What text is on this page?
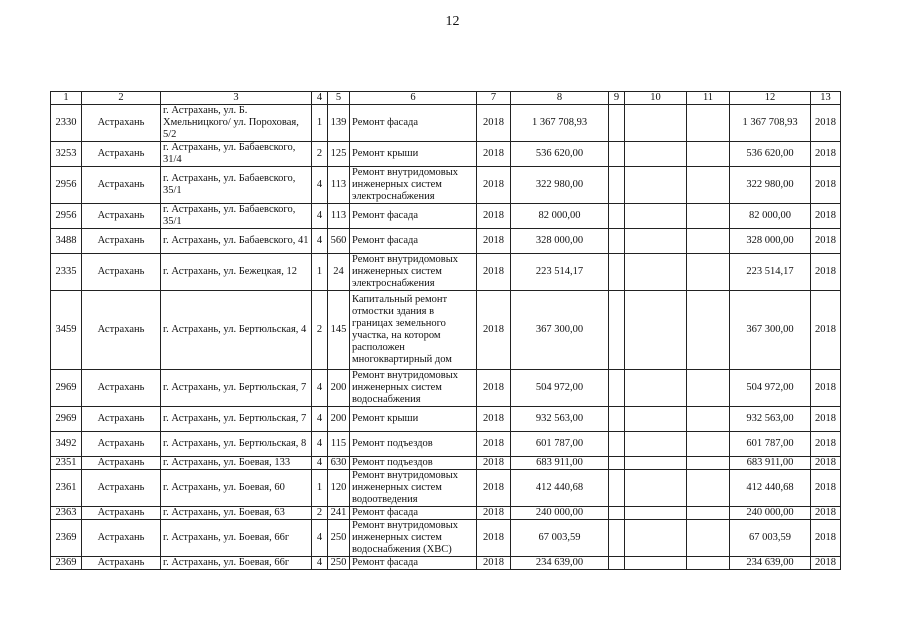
12
1	2	3	4	5	6	7	8	9	10	11	12	13
2330	Астрахань	г. Астрахань, ул. Б. Хмельницкого/ ул. Пороховая, 5/2	1	139	Ремонт фасада	2018	1 367 708,93				1 367 708,93	2018
3253	Астрахань	г. Астрахань, ул. Бабаевского, 31/4	2	125	Ремонт крыши	2018	536 620,00				536 620,00	2018
2956	Астрахань	г. Астрахань, ул. Бабаевского, 35/1	4	113	Ремонт внутридомовых инженерных систем электроснабжения	2018	322 980,00				322 980,00	2018
2956	Астрахань	г. Астрахань, ул. Бабаевского, 35/1	4	113	Ремонт фасада	2018	82 000,00				82 000,00	2018
3488	Астрахань	г. Астрахань, ул. Бабаевского, 41	4	560	Ремонт фасада	2018	328 000,00				328 000,00	2018
2335	Астрахань	г. Астрахань, ул. Бежецкая, 12	1	24	Ремонт внутридомовых инженерных систем электроснабжения	2018	223 514,17				223 514,17	2018
3459	Астрахань	г. Астрахань, ул. Бертюльская, 4	2	145	Капитальный ремонт отмостки здания в границах земельного участка, на котором расположен многоквартирный дом	2018	367 300,00				367 300,00	2018
2969	Астрахань	г. Астрахань, ул. Бертюльская, 7	4	200	Ремонт внутридомовых инженерных систем водоснабжения	2018	504 972,00				504 972,00	2018
2969	Астрахань	г. Астрахань, ул. Бертюльская, 7	4	200	Ремонт крыши	2018	932 563,00				932 563,00	2018
3492	Астрахань	г. Астрахань, ул. Бертюльская, 8	4	115	Ремонт подъездов	2018	601 787,00				601 787,00	2018
2351	Астрахань	г. Астрахань, ул. Боевая, 133	4	630	Ремонт подъездов	2018	683 911,00				683 911,00	2018
2361	Астрахань	г. Астрахань, ул. Боевая, 60	1	120	Ремонт внутридомовых инженерных систем водоотведения	2018	412 440,68				412 440,68	2018
2363	Астрахань	г. Астрахань, ул. Боевая, 63	2	241	Ремонт фасада	2018	240 000,00				240 000,00	2018
2369	Астрахань	г. Астрахань, ул. Боевая, 66г	4	250	Ремонт внутридомовых инженерных систем водоснабжения (ХВС)	2018	67 003,59				67 003,59	2018
2369	Астрахань	г. Астрахань, ул. Боевая, 66г	4	250	Ремонт фасада	2018	234 639,00				234 639,00	2018
